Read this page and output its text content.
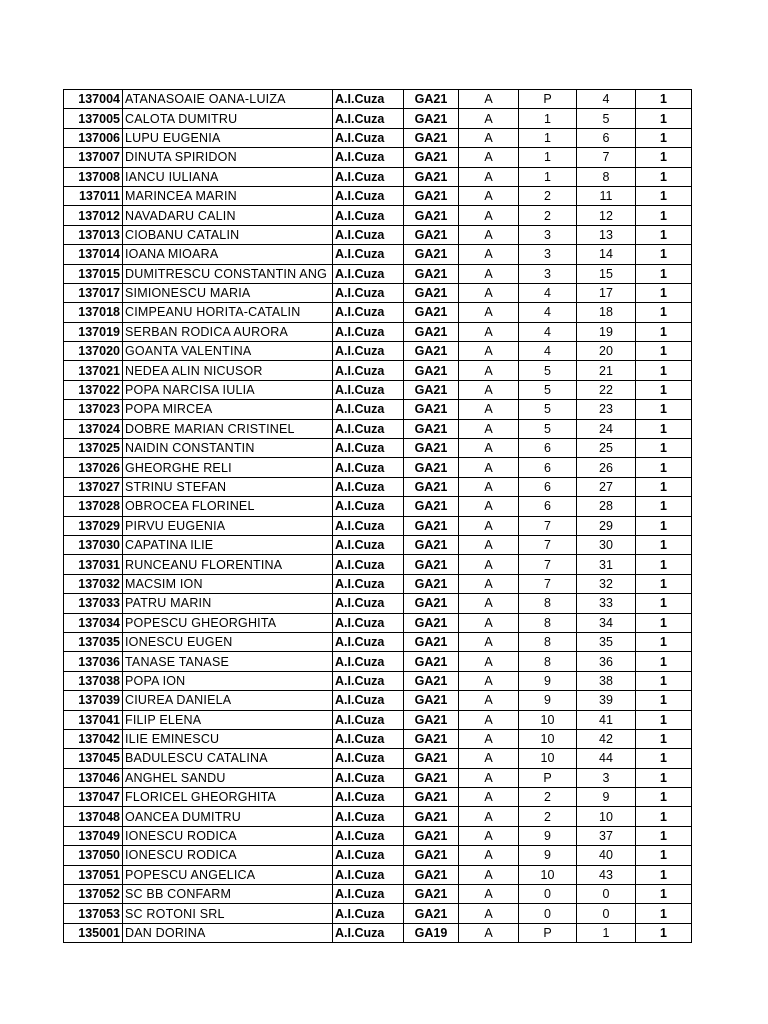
137004	ATANASOAIE OANA-LUIZA	A.I.Cuza	GA21	A	P	4	1
137005	CALOTA DUMITRU	A.I.Cuza	GA21	A	1	5	1
137006	LUPU EUGENIA	A.I.Cuza	GA21	A	1	6	1
137007	DINUTA SPIRIDON	A.I.Cuza	GA21	A	1	7	1
137008	IANCU IULIANA	A.I.Cuza	GA21	A	1	8	1
137011	MARINCEA MARIN	A.I.Cuza	GA21	A	2	11	1
137012	NAVADARU CALIN	A.I.Cuza	GA21	A	2	12	1
137013	CIOBANU CATALIN	A.I.Cuza	GA21	A	3	13	1
137014	IOANA MIOARA	A.I.Cuza	GA21	A	3	14	1
137015	DUMITRESCU CONSTANTIN ANG	A.I.Cuza	GA21	A	3	15	1
137017	SIMIONESCU MARIA	A.I.Cuza	GA21	A	4	17	1
137018	CIMPEANU HORITA-CATALIN	A.I.Cuza	GA21	A	4	18	1
137019	SERBAN RODICA AURORA	A.I.Cuza	GA21	A	4	19	1
137020	GOANTA VALENTINA	A.I.Cuza	GA21	A	4	20	1
137021	NEDEA ALIN NICUSOR	A.I.Cuza	GA21	A	5	21	1
137022	POPA NARCISA IULIA	A.I.Cuza	GA21	A	5	22	1
137023	POPA MIRCEA	A.I.Cuza	GA21	A	5	23	1
137024	DOBRE MARIAN CRISTINEL	A.I.Cuza	GA21	A	5	24	1
137025	NAIDIN CONSTANTIN	A.I.Cuza	GA21	A	6	25	1
137026	GHEORGHE RELI	A.I.Cuza	GA21	A	6	26	1
137027	STRINU STEFAN	A.I.Cuza	GA21	A	6	27	1
137028	OBROCEA FLORINEL	A.I.Cuza	GA21	A	6	28	1
137029	PIRVU EUGENIA	A.I.Cuza	GA21	A	7	29	1
137030	CAPATINA ILIE	A.I.Cuza	GA21	A	7	30	1
137031	RUNCEANU FLORENTINA	A.I.Cuza	GA21	A	7	31	1
137032	MACSIM ION	A.I.Cuza	GA21	A	7	32	1
137033	PATRU MARIN	A.I.Cuza	GA21	A	8	33	1
137034	POPESCU GHEORGHITA	A.I.Cuza	GA21	A	8	34	1
137035	IONESCU EUGEN	A.I.Cuza	GA21	A	8	35	1
137036	TANASE TANASE	A.I.Cuza	GA21	A	8	36	1
137038	POPA ION	A.I.Cuza	GA21	A	9	38	1
137039	CIUREA DANIELA	A.I.Cuza	GA21	A	9	39	1
137041	FILIP ELENA	A.I.Cuza	GA21	A	10	41	1
137042	ILIE EMINESCU	A.I.Cuza	GA21	A	10	42	1
137045	BADULESCU CATALINA	A.I.Cuza	GA21	A	10	44	1
137046	ANGHEL SANDU	A.I.Cuza	GA21	A	P	3	1
137047	FLORICEL GHEORGHITA	A.I.Cuza	GA21	A	2	9	1
137048	OANCEA DUMITRU	A.I.Cuza	GA21	A	2	10	1
137049	IONESCU RODICA	A.I.Cuza	GA21	A	9	37	1
137050	IONESCU RODICA	A.I.Cuza	GA21	A	9	40	1
137051	POPESCU ANGELICA	A.I.Cuza	GA21	A	10	43	1
137052	SC BB CONFARM	A.I.Cuza	GA21	A	0	0	1
137053	SC ROTONI SRL	A.I.Cuza	GA21	A	0	0	1
135001	DAN DORINA	A.I.Cuza	GA19	A	P	1	1
